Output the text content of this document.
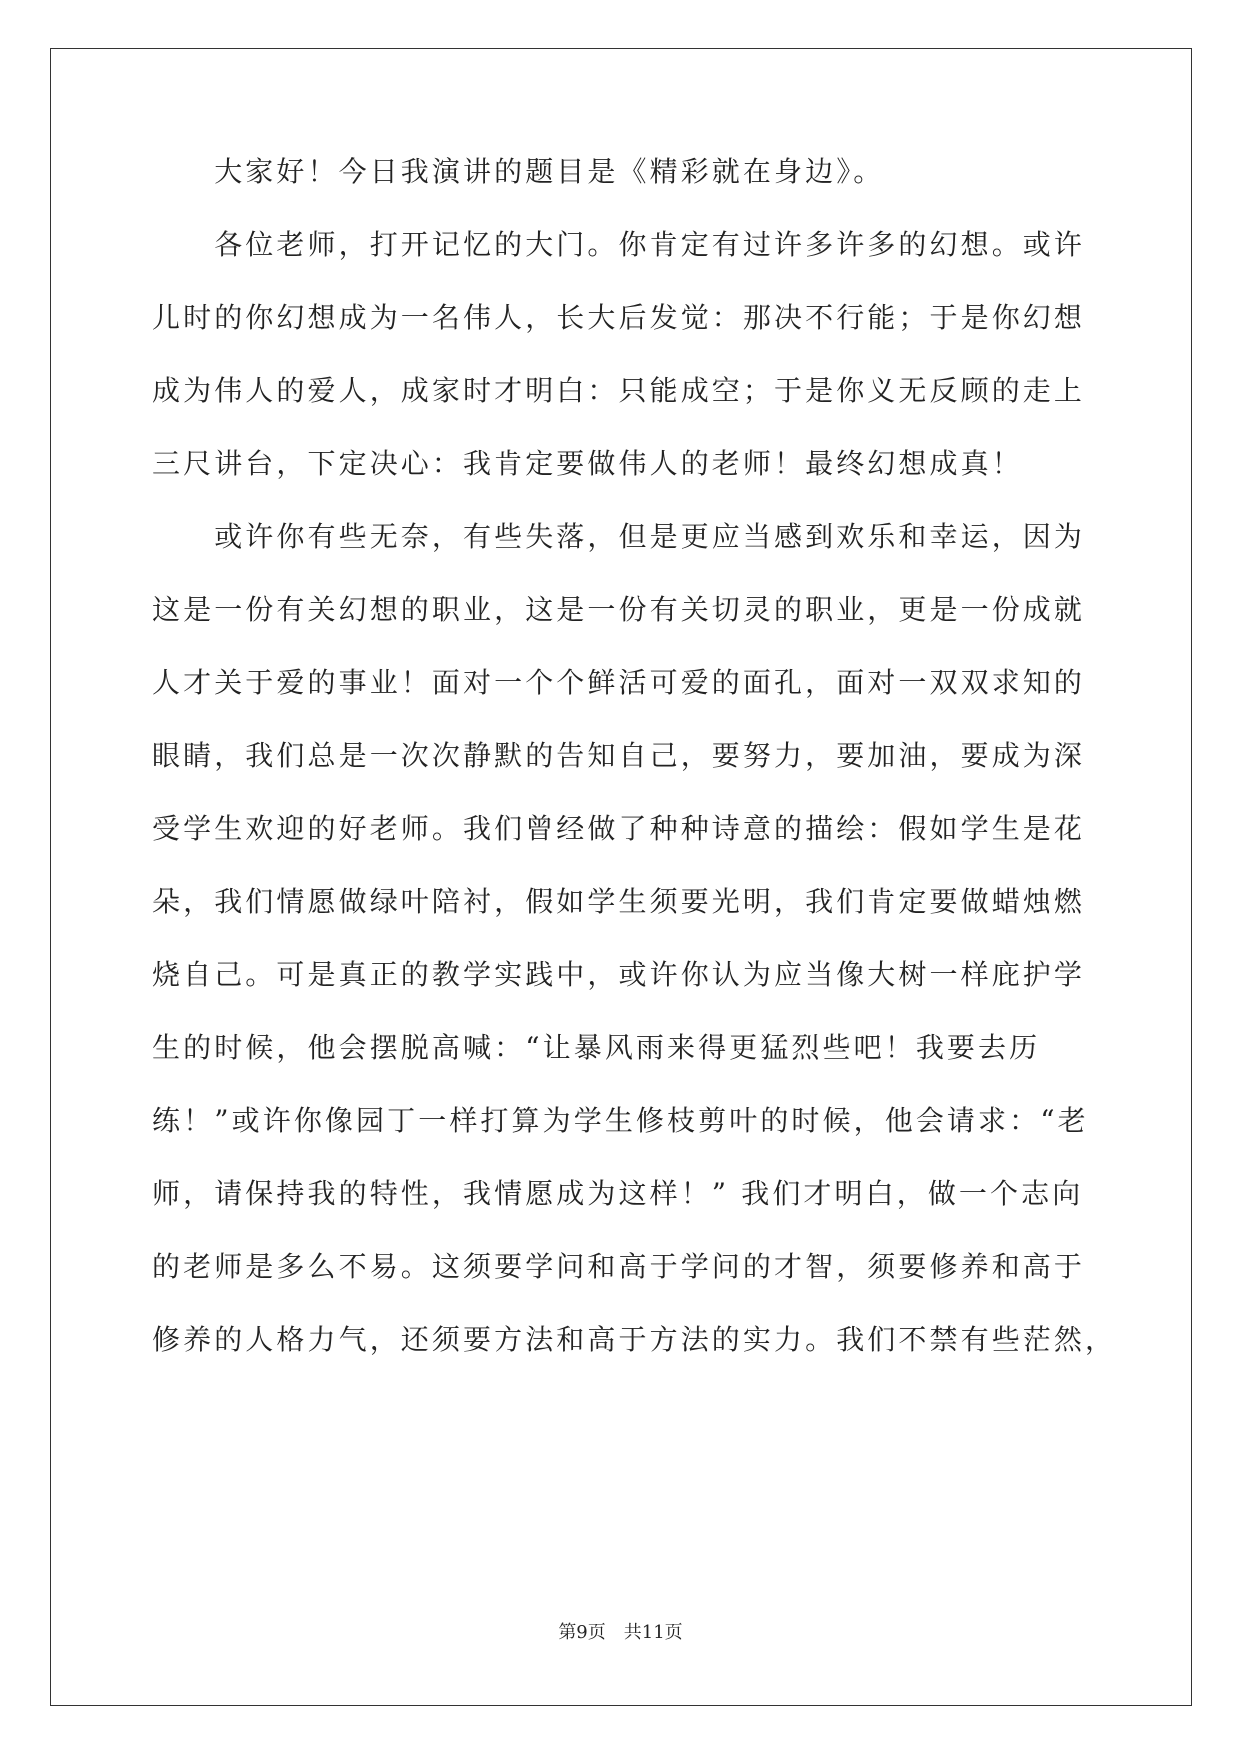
　　大家好！今日我演讲的题目是《精彩就在身边》。
　　各位老师，打开记忆的大门。你肯定有过许多许多的幻想。或许
儿时的你幻想成为一名伟人，长大后发觉：那决不行能；于是你幻想
成为伟人的爱人，成家时才明白：只能成空；于是你义无反顾的走上
三尺讲台，下定决心：我肯定要做伟人的老师！最终幻想成真！
　　或许你有些无奈，有些失落，但是更应当感到欢乐和幸运，因为
这是一份有关幻想的职业，这是一份有关切灵的职业，更是一份成就
人才关于爱的事业！面对一个个鲜活可爱的面孔，面对一双双求知的
眼睛，我们总是一次次静默的告知自己，要努力，要加油，要成为深
受学生欢迎的好老师。我们曾经做了种种诗意的描绘：假如学生是花
朵，我们情愿做绿叶陪衬，假如学生须要光明，我们肯定要做蜡烛燃
烧自己。可是真正的教学实践中，或许你认为应当像大树一样庇护学
生的时候，他会摆脱高喊：“让暴风雨来得更猛烈些吧！我要去历
练！”或许你像园丁一样打算为学生修枝剪叶的时候，他会请求：“老
师，请保持我的特性，我情愿成为这样！” 我们才明白，做一个志向
的老师是多么不易。这须要学问和高于学问的才智，须要修养和高于
修养的人格力气，还须要方法和高于方法的实力。我们不禁有些茫然，
第9页　共11页
